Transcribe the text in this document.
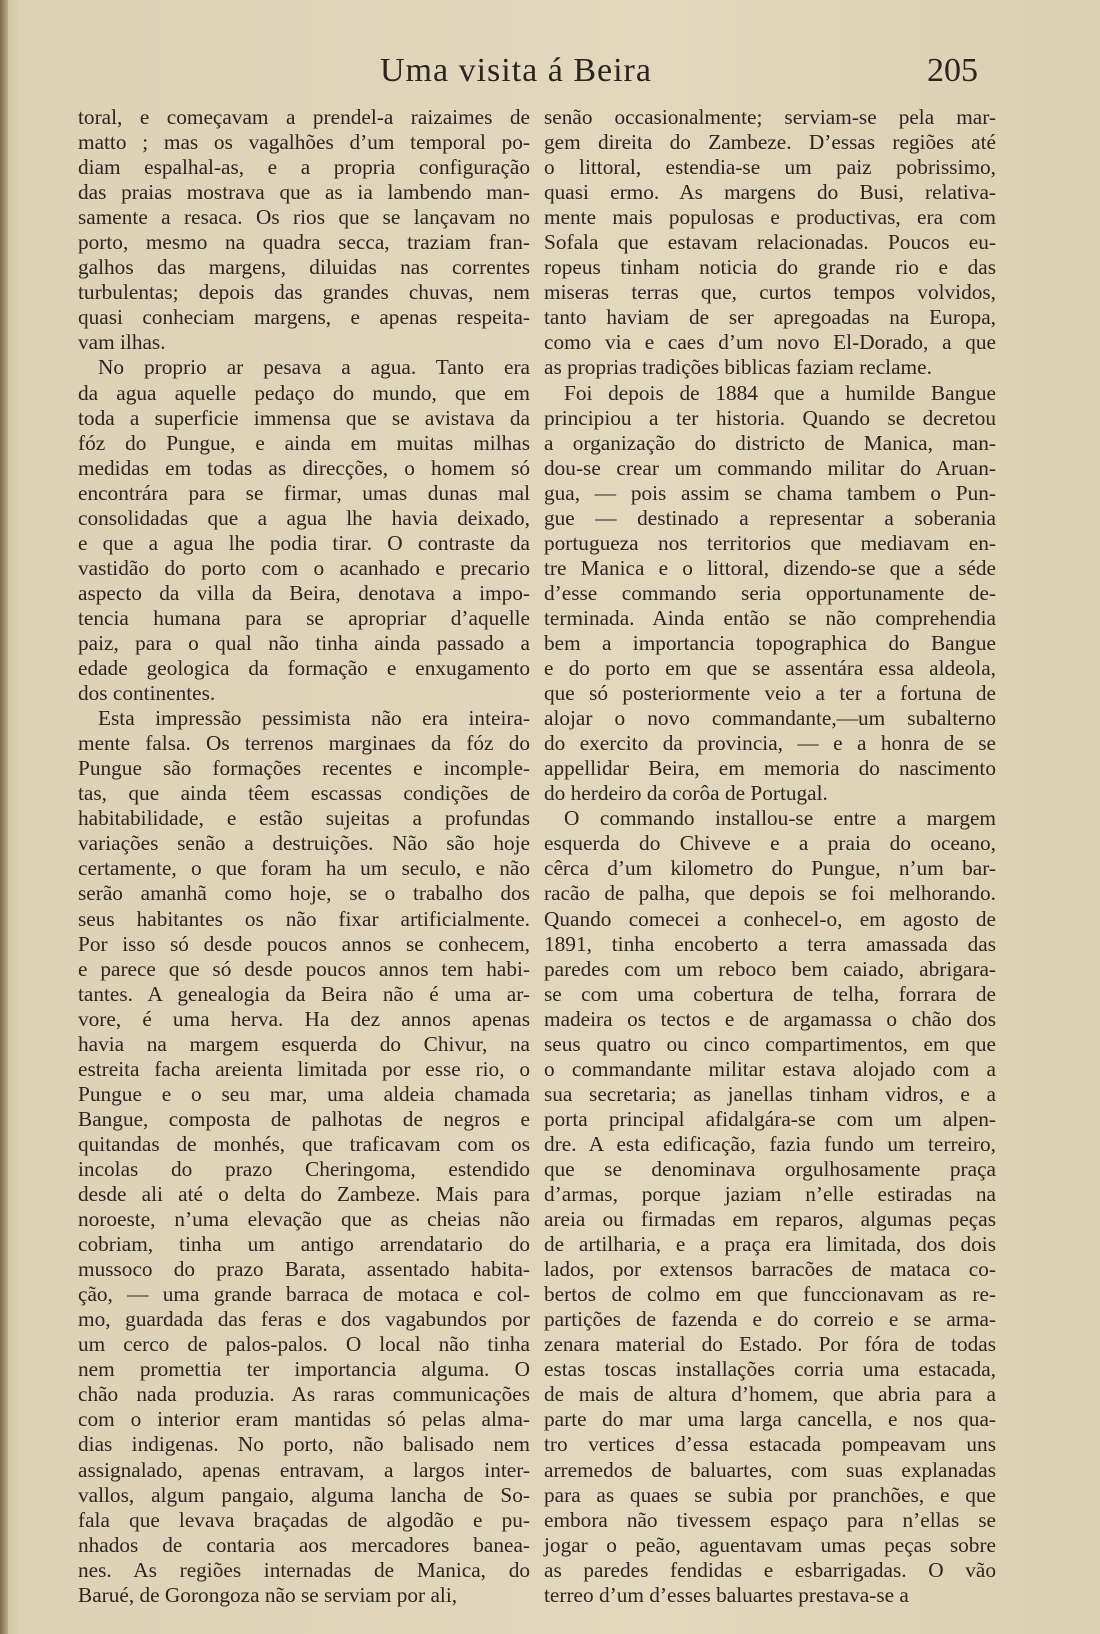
Uma visita á Beira	205
toral, e começavam a prendel-a raizaimes de
matto ; mas os vagalhões d’um temporal po-
diam espalhal-as, e a propria configuração
das praias mostrava que as ia lambendo man-
samente a resaca. Os rios que se lançavam no
porto, mesmo na quadra secca, traziam fran-
galhos das margens, diluidas nas correntes
turbulentas; depois das grandes chuvas, nem
quasi conheciam margens, e apenas respeita-
vam ilhas.
No proprio ar pesava a agua. Tanto era
da agua aquelle pedaço do mundo, que em
toda a superficie immensa que se avistava da
fóz do Pungue, e ainda em muitas milhas
medidas em todas as direcções, o homem só
encontrára para se firmar, umas dunas mal
consolidadas que a agua lhe havia deixado,
e que a agua lhe podia tirar. O contraste da
vastidão do porto com o acanhado e precario
aspecto da villa da Beira, denotava a impo-
tencia humana para se apropriar d’aquelle
paiz, para o qual não tinha ainda passado a
edade geologica da formação e enxugamento
dos continentes.
Esta impressão pessimista não era inteira-
mente falsa. Os terrenos marginaes da fóz do
Pungue são formações recentes e incomple-
tas, que ainda têem escassas condições de
habitabilidade, e estão sujeitas a profundas
variações senão a destruições. Não são hoje
certamente, o que foram ha um seculo, e não
serão amanhã como hoje, se o trabalho dos
seus habitantes os não fixar artificialmente.
Por isso só desde poucos annos se conhecem,
e parece que só desde poucos annos tem habi-
tantes. A genealogia da Beira não é uma ar-
vore, é uma herva. Ha dez annos apenas
havia na margem esquerda do Chivur, na
estreita facha areienta limitada por esse rio, o
Pungue e o seu mar, uma aldeia chamada
Bangue, composta de palhotas de negros e
quitandas de monhés, que traficavam com os
incolas do prazo Cheringoma, estendido
desde ali até o delta do Zambeze. Mais para
noroeste, n’uma elevação que as cheias não
cobriam, tinha um antigo arrendatario do
mussoco do prazo Barata, assentado habita-
ção, — uma grande barraca de motaca e col-
mo, guardada das feras e dos vagabundos por
um cerco de palos-palos. O local não tinha
nem promettia ter importancia alguma. O
chão nada produzia. As raras communicações
com o interior eram mantidas só pelas alma-
dias indigenas. No porto, não balisado nem
assignalado, apenas entravam, a largos inter-
vallos, algum pangaio, alguma lancha de So-
fala que levava braçadas de algodão e pu-
nhados de contaria aos mercadores baneа-
nes. As regiões internadas de Manica, do
Barué, de Gorongoza não se serviam por ali,
senão occasionalmente; serviam-se pela mar-
gem direita do Zambeze. D’essas regiões até
o littoral, estendia-se um paiz pobrissimo,
quasi ermo. As margens do Busi, relativa-
mente mais populosas e productivas, era com
Sofala que estavam relacionadas. Poucos eu-
ropeus tinham noticia do grande rio e das
miseras terras que, curtos tempos volvidos,
tanto haviam de ser apregoadas na Europa,
como via e caes d’um novo El-Dorado, a que
as proprias tradições biblicas faziam reclame.
Foi depois de 1884 que a humilde Bangue
principiou a ter historia. Quando se decretou
a organização do districto de Manica, man-
dou-se crear um commando militar do Aruan-
gua, — pois assim se chama tambem o Pun-
gue — destinado a representar a soberania
portugueza nos territorios que mediavam en-
tre Manica e o littoral, dizendo-se que a séde
d’esse commando seria opportunamente de-
terminada. Ainda então se não comprehendia
bem a importancia topographica do Bangue
e do porto em que se assentára essa aldeola,
que só posteriormente veio a ter a fortuna de
alojar o novo commandante,—um subalterno
do exercito da provincia, — e a honra de se
appellidar Beira, em memoria do nascimento
do herdeiro da corôa de Portugal.
O commando installou-se entre a margem
esquerda do Chiveve e a praia do oceano,
cêrca d’um kilometro do Pungue, n’um bar-
racão de palha, que depois se foi melhorando.
Quando comecei a conhecel-o, em agosto de
1891, tinha encoberto a terra amassada das
paredes com um reboco bem caiado, abrigara-
se com uma cobertura de telha, forrara de
madeira os tectos e de argamassa o chão dos
seus quatro ou cinco compartimentos, em que
o commandante militar estava alojado com a
sua secretaria; as janellas tinham vidros, e a
porta principal afidalgára-se com um alpen-
dre. A esta edificação, fazia fundo um terreiro,
que se denominava orgulhosamente praça
d’armas, porque jaziam n’elle estiradas na
areia ou firmadas em reparos, algumas peças
de artilharia, e a praça era limitada, dos dois
lados, por extensos barracões de mataca co-
bertos de colmo em que funccionavam as re-
partições de fazenda e do correio e se arma-
zenara material do Estado. Por fóra de todas
estas toscas installações corria uma estacada,
de mais de altura d’homem, que abria para a
parte do mar uma larga cancella, e nos qua-
tro vertices d’essa estacada pompeavam uns
arremedos de baluartes, com suas explanadas
para as quaes se subia por pranchões, e que
embora não tivessem espaço para n’ellas se
jogar o peão, aguentavam umas peças sobre
as paredes fendidas e esbarrigadas. O vão
terreo d’um d’esses baluartes prestava-se a
